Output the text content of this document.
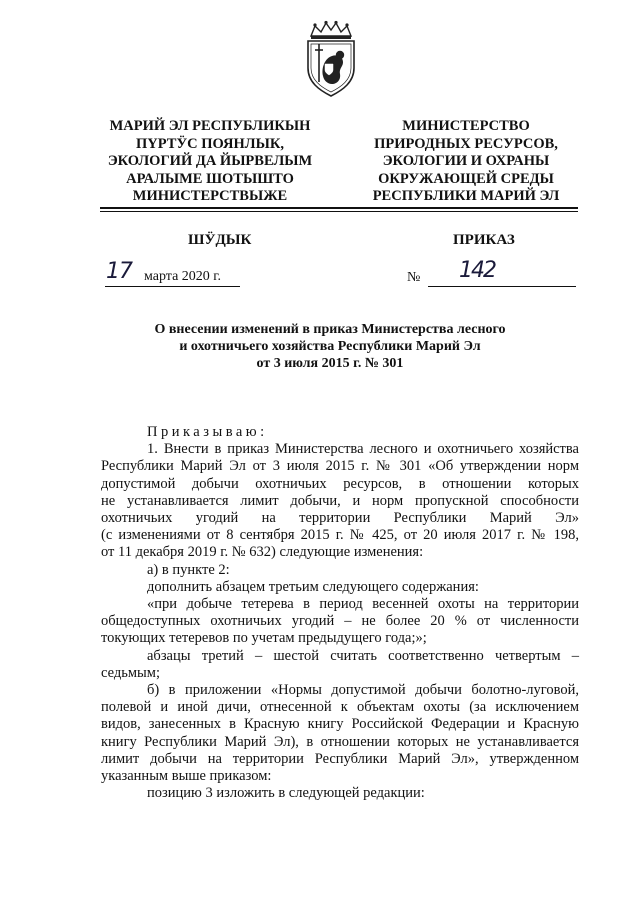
МАРИЙ ЭЛ РЕСПУБЛИКЫН
ПҮРТӰС ПОЯНЛЫК,
ЭКОЛОГИЙ ДА ЙЫРВЕЛЫМ
АРАЛЫМЕ ШОТЫШТО
МИНИСТЕРСТВЫЖЕ
МИНИСТЕРСТВО
ПРИРОДНЫХ РЕСУРСОВ,
ЭКОЛОГИИ И ОХРАНЫ
ОКРУЖАЮЩЕЙ СРЕДЫ
РЕСПУБЛИКИ МАРИЙ ЭЛ
ШӰДЫК	ПРИКАЗ
17 марта 2020 г.	№ 142
О внесении изменений в приказ Министерства лесного
и охотничьего хозяйства Республики Марий Эл
от 3 июля 2015 г. № 301
Приказываю:
1. Внести в приказ Министерства лесного и охотничьего хозяйства
Республики Марий Эл от 3 июля 2015 г. № 301 «Об утверждении норм
допустимой добычи охотничьих ресурсов, в отношении которых
не устанавливается лимит добычи, и норм пропускной способности
охотничьих угодий на территории Республики Марий Эл»
(с изменениями от 8 сентября 2015 г. № 425, от 20 июля 2017 г. № 198,
от 11 декабря 2019 г. № 632) следующие изменения:
а) в пункте 2:
дополнить абзацем третьим следующего содержания:
«при добыче тетерева в период весенней охоты на территории
общедоступных охотничьих угодий – не более 20 % от численности
токующих тетеревов по учетам предыдущего года;»;
абзацы третий – шестой считать соответственно четвертым –
седьмым;
б) в приложении «Нормы допустимой добычи болотно-луговой,
полевой и иной дичи, отнесенной к объектам охоты (за исключением
видов, занесенных в Красную книгу Российской Федерации и Красную
книгу Республики Марий Эл), в отношении которых не устанавливается
лимит добычи на территории Республики Марий Эл», утвержденном
указанным выше приказом:
позицию 3 изложить в следующей редакции:
